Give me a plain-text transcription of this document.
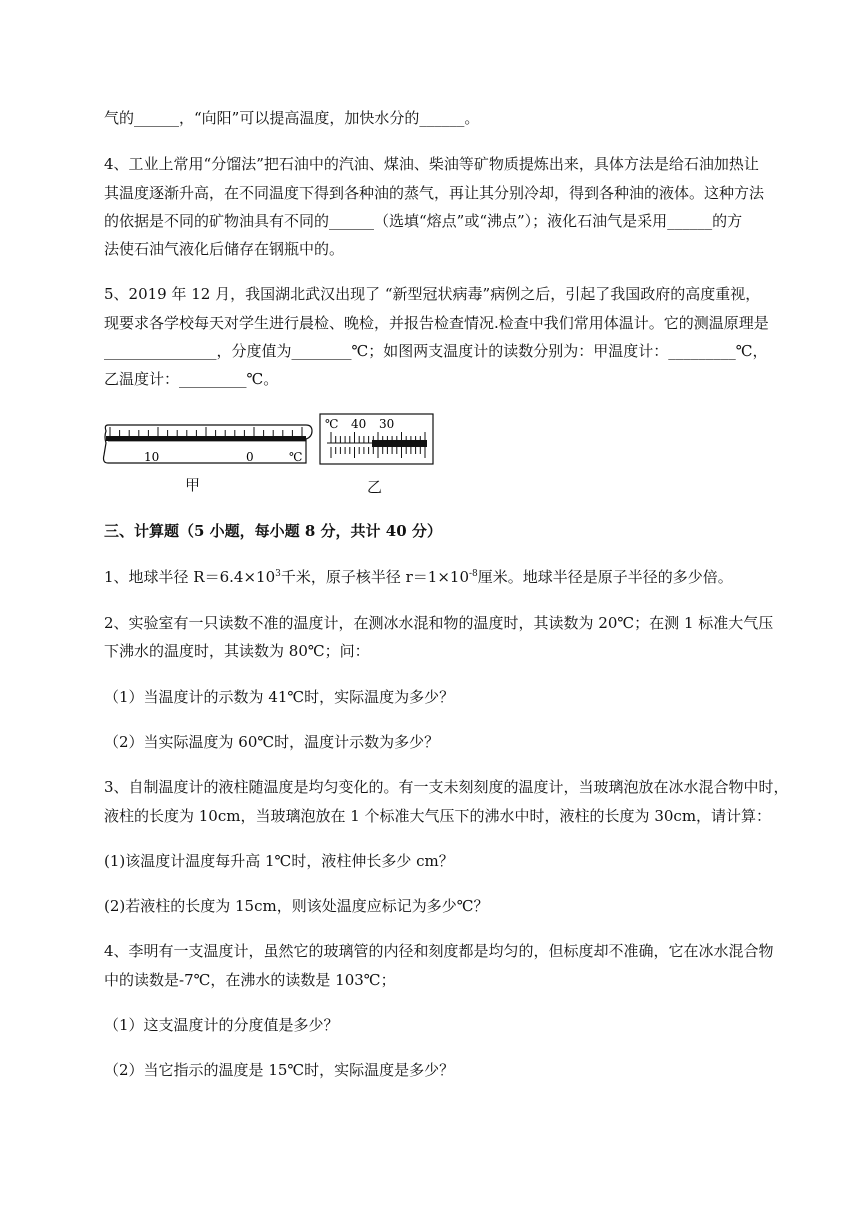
气的______，“向阳”可以提高温度，加快水分的______。
4、工业上常用“分馏法”把石油中的汽油、煤油、柴油等矿物质提炼出来，具体方法是给石油加热让
其温度逐渐升高，在不同温度下得到各种油的蒸气，再让其分别冷却，得到各种油的液体。这种方法
的依据是不同的矿物油具有不同的______（选填“熔点”或“沸点”）；液化石油气是采用______的方
法使石油气液化后储存在钢瓶中的。
5、2019 年 12 月，我国湖北武汉出现了 “新型冠状病毒”病例之后，引起了我国政府的高度重视，
现要求各学校每天对学生进行晨检、晚检，并报告检查情况.检查中我们常用体温计。它的测温原理是
_______________，分度值为________℃；如图两支温度计的读数分别为：甲温度计：_________℃，
乙温度计：_________℃。
10	0	℃
℃ 40 30
甲	乙
三、计算题（5 小题，每小题 8 分，共计 40 分）
1、地球半径 $R=6.4\times 10^3$千米，原子核半径 $r=1\times 10^{-8}$厘米。地球半径是原子半径的多少倍。
2、实验室有一只读数不准的温度计，在测冰水混和物的温度时，其读数为 20℃；在测 1 标准大气压
下沸水的温度时，其读数为 80℃；问：
（1）当温度计的示数为 41℃时，实际温度为多少？
（2）当实际温度为 60℃时，温度计示数为多少？
3、自制温度计的液柱随温度是均匀变化的。有一支未刻刻度的温度计，当玻璃泡放在冰水混合物中时，
液柱的长度为 10cm，当玻璃泡放在 1 个标准大气压下的沸水中时，液柱的长度为 30cm，请计算：
(1)该温度计温度每升高 1℃时，液柱伸长多少 cm？
(2)若液柱的长度为 15cm，则该处温度应标记为多少℃？
4、李明有一支温度计，虽然它的玻璃管的内径和刻度都是均匀的，但标度却不准确，它在冰水混合物
中的读数是-7℃，在沸水的读数是 103℃；
（1）这支温度计的分度值是多少？
（2）当它指示的温度是 15℃时，实际温度是多少？
